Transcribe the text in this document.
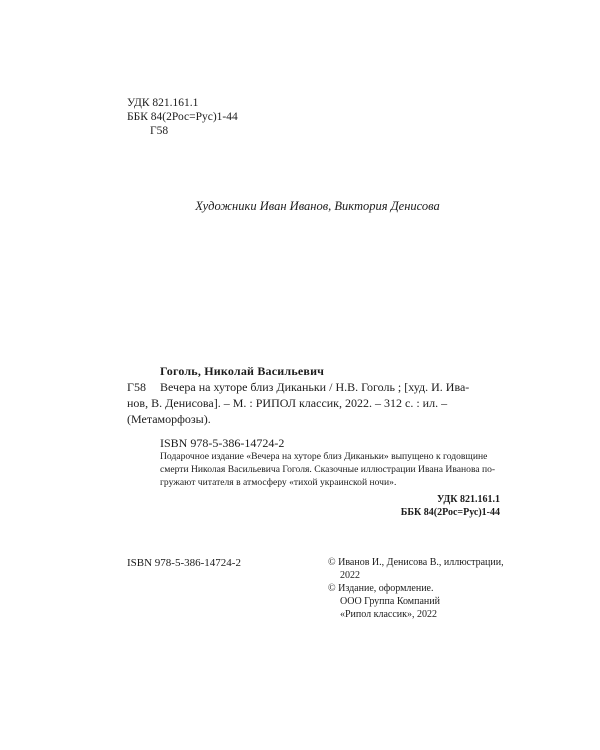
УДК 821.161.1
ББК 84(2Рос=Рус)1-44
Г58

Художники Иван Иванов, Виктория Денисова

Гоголь, Николай Васильевич
Г58 Вечера на хуторе близ Диканьки / Н.В. Гоголь ; [худ. И. Ива-
нов, В. Денисова]. – М. : РИПОЛ классик, 2022. – 312 с. : ил. –
(Метаморфозы).
ISBN 978-5-386-14724-2
Подарочное издание «Вечера на хуторе близ Диканьки» выпущено к годовщине
смерти Николая Васильевича Гоголя. Сказочные иллюстрации Ивана Иванова по-
гружают читателя в атмосферу «тихой украинской ночи».
УДК 821.161.1
ББК 84(2Рос=Рус)1-44
ISBN 978-5-386-14724-2	© Иванов И., Денисова В., иллюстрации,
2022
© Издание, оформление.
ООО Группа Компаний
«Рипол классик», 2022
